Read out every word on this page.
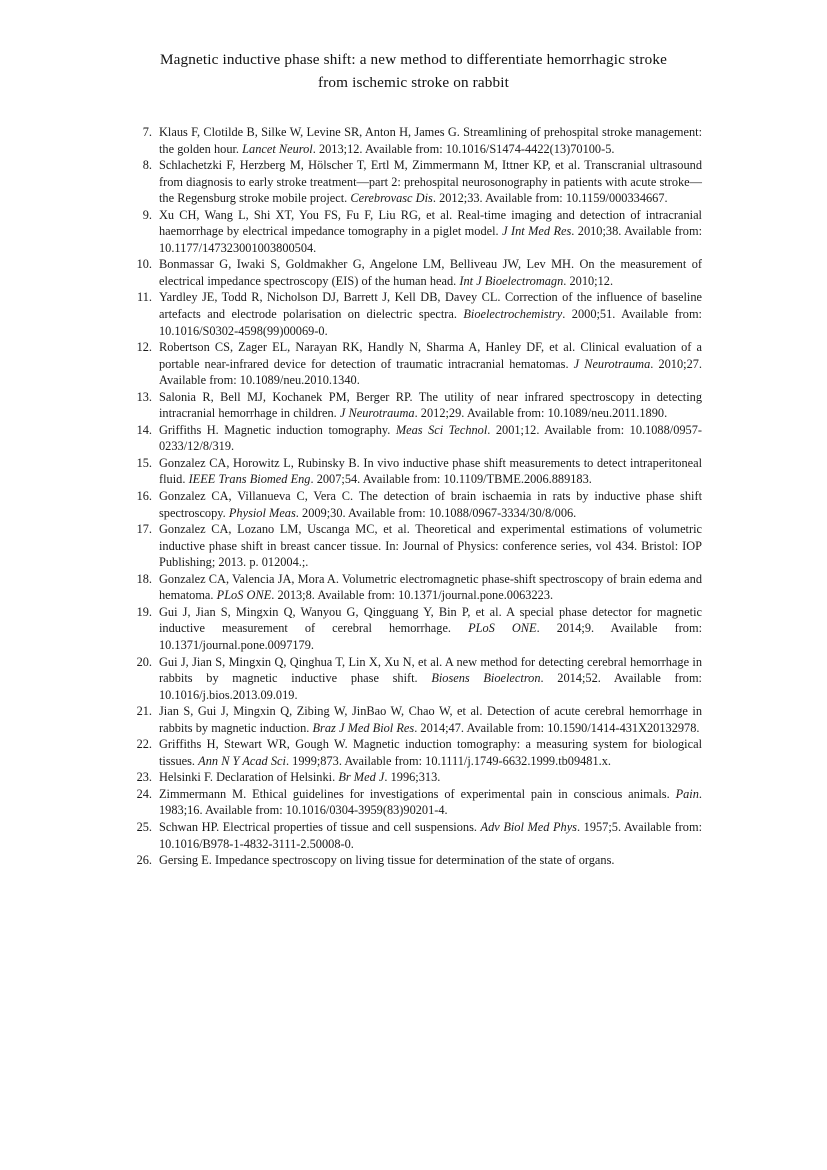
Magnetic inductive phase shift: a new method to differentiate hemorrhagic stroke
from ischemic stroke on rabbit
7. Klaus F, Clotilde B, Silke W, Levine SR, Anton H, James G. Streamlining of prehospital stroke management: the golden hour. Lancet Neurol. 2013;12. Available from: 10.1016/S1474-4422(13)70100-5.
8. Schlachetzki F, Herzberg M, Hölscher T, Ertl M, Zimmermann M, Ittner KP, et al. Transcranial ultrasound from diagnosis to early stroke treatment—part 2: prehospital neurosonography in patients with acute stroke—the Regensburg stroke mobile project. Cerebrovasc Dis. 2012;33. Available from: 10.1159/000334667.
9. Xu CH, Wang L, Shi XT, You FS, Fu F, Liu RG, et al. Real-time imaging and detection of intracranial haemorrhage by electrical impedance tomography in a piglet model. J Int Med Res. 2010;38. Available from: 10.1177/147323001003800504.
10. Bonmassar G, Iwaki S, Goldmakher G, Angelone LM, Belliveau JW, Lev MH. On the measurement of electrical impedance spectroscopy (EIS) of the human head. Int J Bioelectromagn. 2010;12.
11. Yardley JE, Todd R, Nicholson DJ, Barrett J, Kell DB, Davey CL. Correction of the influence of baseline artefacts and electrode polarisation on dielectric spectra. Bioelectrochemistry. 2000;51. Available from: 10.1016/S0302-4598(99)00069-0.
12. Robertson CS, Zager EL, Narayan RK, Handly N, Sharma A, Hanley DF, et al. Clinical evaluation of a portable near-infrared device for detection of traumatic intracranial hematomas. J Neurotrauma. 2010;27. Available from: 10.1089/neu.2010.1340.
13. Salonia R, Bell MJ, Kochanek PM, Berger RP. The utility of near infrared spectroscopy in detecting intracranial hemorrhage in children. J Neurotrauma. 2012;29. Available from: 10.1089/neu.2011.1890.
14. Griffiths H. Magnetic induction tomography. Meas Sci Technol. 2001;12. Available from: 10.1088/0957-0233/12/8/319.
15. Gonzalez CA, Horowitz L, Rubinsky B. In vivo inductive phase shift measurements to detect intraperitoneal fluid. IEEE Trans Biomed Eng. 2007;54. Available from: 10.1109/TBME.2006.889183.
16. Gonzalez CA, Villanueva C, Vera C. The detection of brain ischaemia in rats by inductive phase shift spectroscopy. Physiol Meas. 2009;30. Available from: 10.1088/0967-3334/30/8/006.
17. Gonzalez CA, Lozano LM, Uscanga MC, et al. Theoretical and experimental estimations of volumetric inductive phase shift in breast cancer tissue. In: Journal of Physics: conference series, vol 434. Bristol: IOP Publishing; 2013. p. 012004.;.
18. Gonzalez CA, Valencia JA, Mora A. Volumetric electromagnetic phase-shift spectroscopy of brain edema and hematoma. PLoS ONE. 2013;8. Available from: 10.1371/journal.pone.0063223.
19. Gui J, Jian S, Mingxin Q, Wanyou G, Qingguang Y, Bin P, et al. A special phase detector for magnetic inductive measurement of cerebral hemorrhage. PLoS ONE. 2014;9. Available from: 10.1371/journal.pone.0097179.
20. Gui J, Jian S, Mingxin Q, Qinghua T, Lin X, Xu N, et al. A new method for detecting cerebral hemorrhage in rabbits by magnetic inductive phase shift. Biosens Bioelectron. 2014;52. Available from: 10.1016/j.bios.2013.09.019.
21. Jian S, Gui J, Mingxin Q, Zibing W, JinBao W, Chao W, et al. Detection of acute cerebral hemorrhage in rabbits by magnetic induction. Braz J Med Biol Res. 2014;47. Available from: 10.1590/1414-431X20132978.
22. Griffiths H, Stewart WR, Gough W. Magnetic induction tomography: a measuring system for biological tissues. Ann N Y Acad Sci. 1999;873. Available from: 10.1111/j.1749-6632.1999.tb09481.x.
23. Helsinki F. Declaration of Helsinki. Br Med J. 1996;313.
24. Zimmermann M. Ethical guidelines for investigations of experimental pain in conscious animals. Pain. 1983;16. Available from: 10.1016/0304-3959(83)90201-4.
25. Schwan HP. Electrical properties of tissue and cell suspensions. Adv Biol Med Phys. 1957;5. Available from: 10.1016/B978-1-4832-3111-2.50008-0.
26. Gersing E. Impedance spectroscopy on living tissue for determination of the state of organs.
